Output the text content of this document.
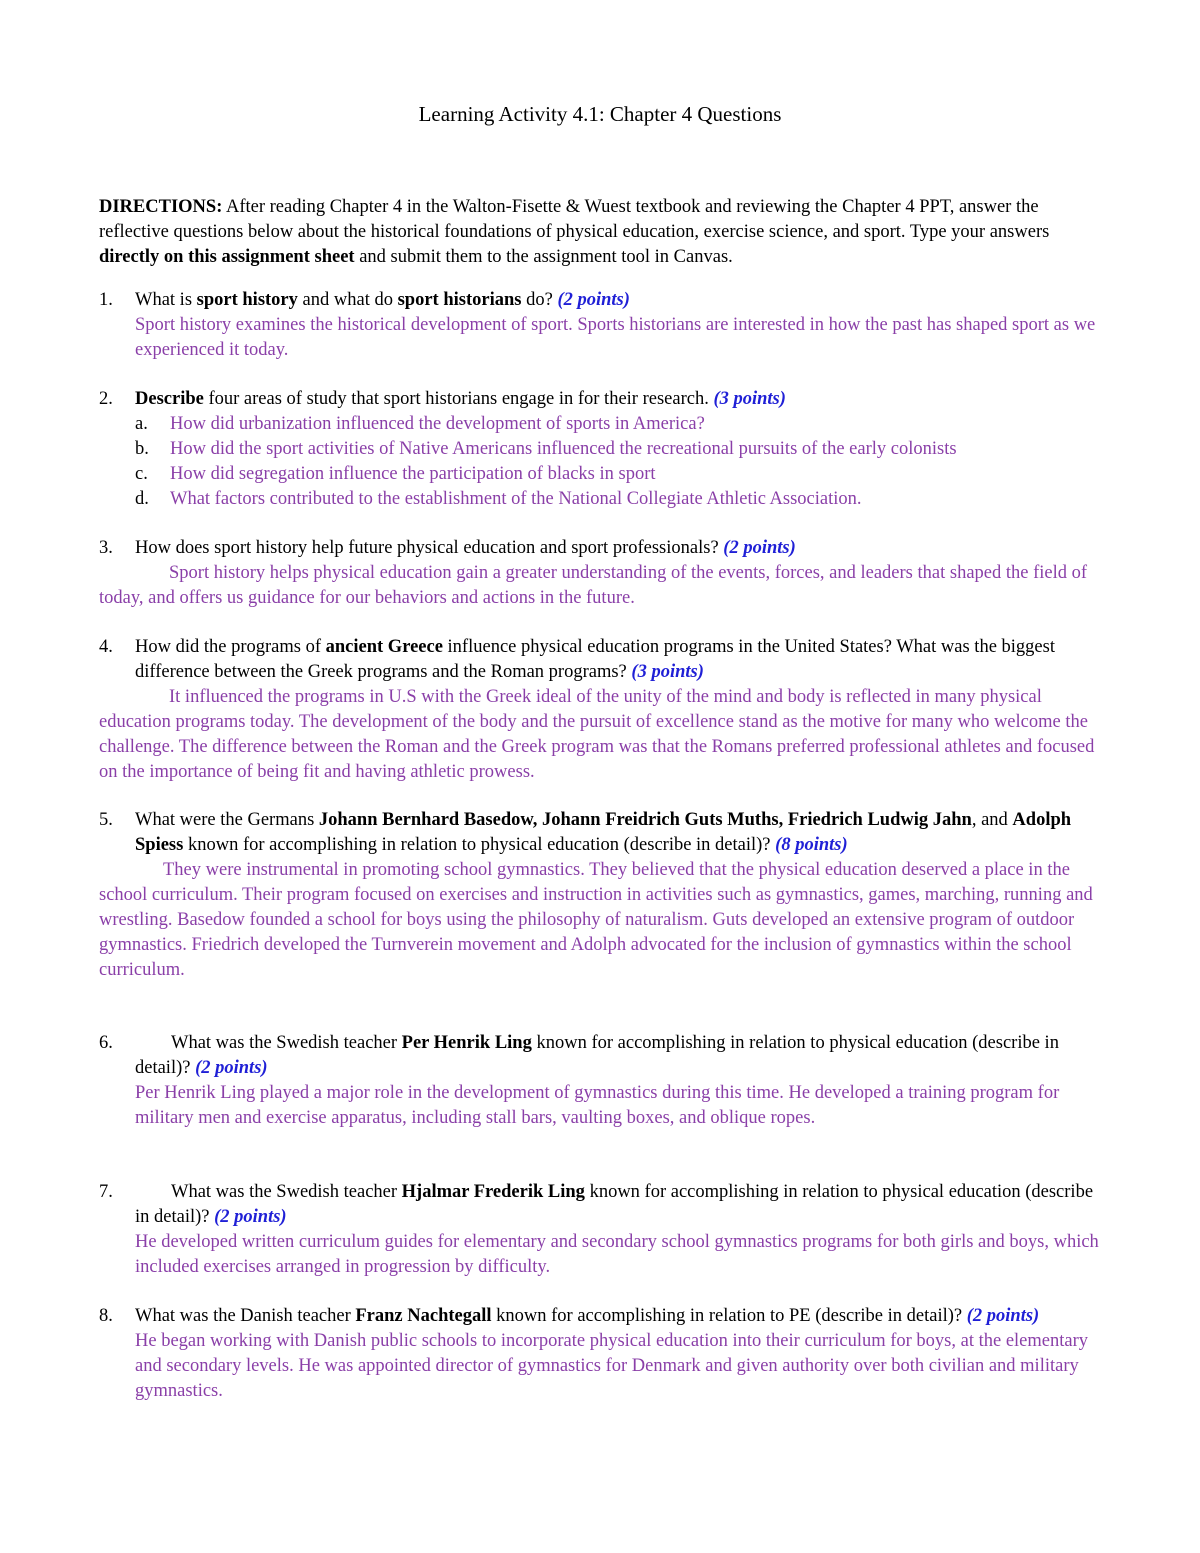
Learning Activity 4.1: Chapter 4 Questions

DIRECTIONS: After reading Chapter 4 in the Walton-Fisette & Wuest textbook and reviewing the Chapter 4 PPT, answer the reflective questions below about the historical foundations of physical education, exercise science, and sport. Type your answers directly on this assignment sheet and submit them to the assignment tool in Canvas.

1. What is sport history and what do sport historians do? (2 points)
Sport history examines the historical development of sport. Sports historians are interested in how the past has shaped sport as we experienced it today.
2. Describe four areas of study that sport historians engage in for their research. (3 points)
a. How did urbanization influenced the development of sports in America?
b. How did the sport activities of Native Americans influenced the recreational pursuits of the early colonists
c. How did segregation influence the participation of blacks in sport
d. What factors contributed to the establishment of the National Collegiate Athletic Association.
3. How does sport history help future physical education and sport professionals? (2 points)
Sport history helps physical education gain a greater understanding of the events, forces, and leaders that shaped the field of today, and offers us guidance for our behaviors and actions in the future.
4. How did the programs of ancient Greece influence physical education programs in the United States? What was the biggest difference between the Greek programs and the Roman programs? (3 points)
It influenced the programs in U.S with the Greek ideal of the unity of the mind and body is reflected in many physical education programs today. The development of the body and the pursuit of excellence stand as the motive for many who welcome the challenge. The difference between the Roman and the Greek program was that the Romans preferred professional athletes and focused on the importance of being fit and having athletic prowess.
5. What were the Germans Johann Bernhard Basedow, Johann Freidrich Guts Muths, Friedrich Ludwig Jahn, and Adolph Spiess known for accomplishing in relation to physical education (describe in detail)? (8 points)
They were instrumental in promoting school gymnastics. They believed that the physical education deserved a place in the school curriculum. Their program focused on exercises and instruction in activities such as gymnastics, games, marching, running and wrestling. Basedow founded a school for boys using the philosophy of naturalism. Guts developed an extensive program of outdoor gymnastics. Friedrich developed the Turnverein movement and Adolph advocated for the inclusion of gymnastics within the school curriculum.
6.	What was the Swedish teacher Per Henrik Ling known for accomplishing in relation to physical education (describe in detail)? (2 points)
Per Henrik Ling played a major role in the development of gymnastics during this time. He developed a training program for military men and exercise apparatus, including stall bars, vaulting boxes, and oblique ropes.
7.	What was the Swedish teacher Hjalmar Frederik Ling known for accomplishing in relation to physical education (describe in detail)? (2 points)
He developed written curriculum guides for elementary and secondary school gymnastics programs for both girls and boys, which included exercises arranged in progression by difficulty.
8. What was the Danish teacher Franz Nachtegall known for accomplishing in relation to PE (describe in detail)? (2 points)
He began working with Danish public schools to incorporate physical education into their curriculum for boys, at the elementary and secondary levels. He was appointed director of gymnastics for Denmark and given authority over both civilian and military gymnastics.
